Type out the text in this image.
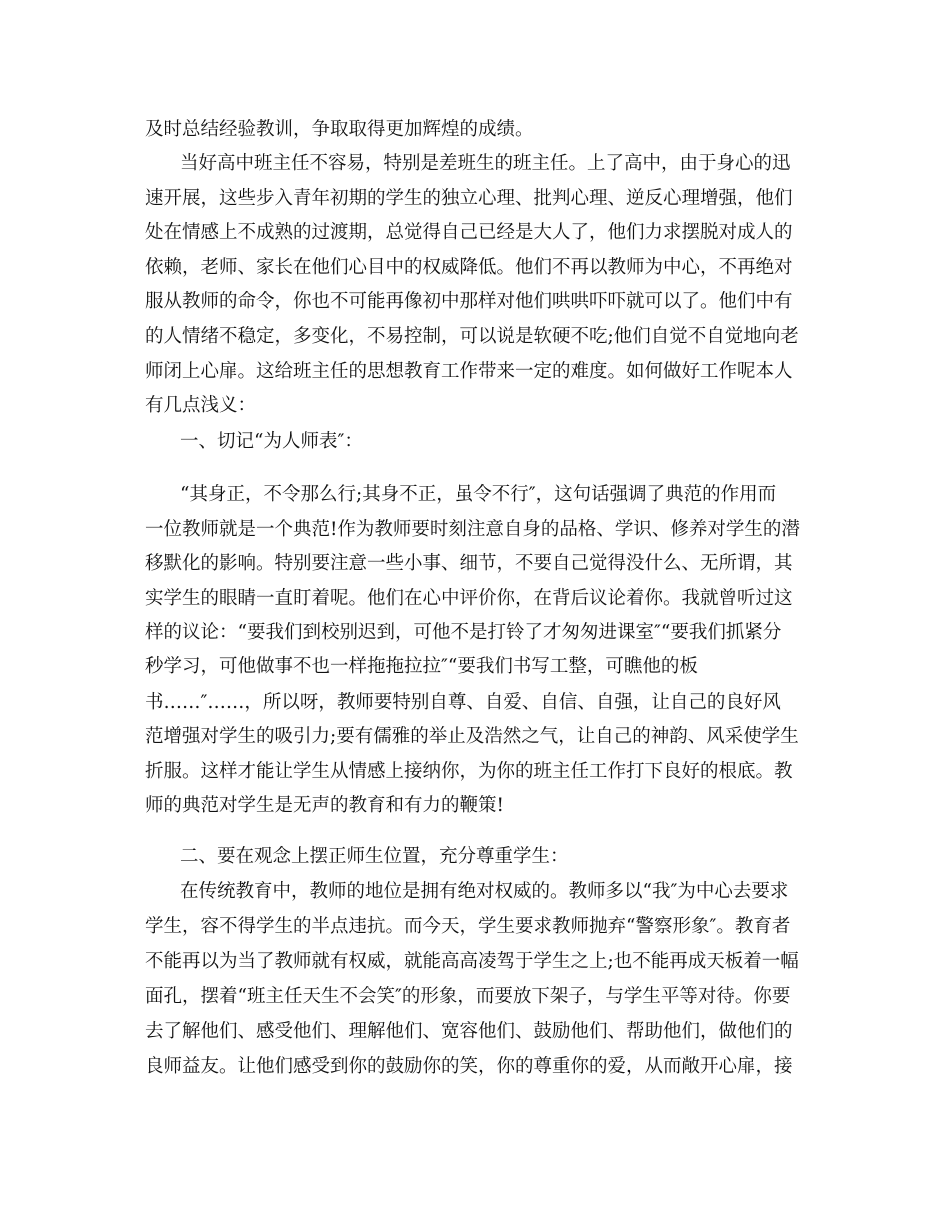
及时总结经验教训，争取取得更加辉煌的成绩。
当好高中班主任不容易，特别是差班生的班主任。上了高中，由于身心的迅
速开展，这些步入青年初期的学生的独立心理、批判心理、逆反心理增强，他们
处在情感上不成熟的过渡期，总觉得自己已经是大人了，他们力求摆脱对成人的
依赖，老师、家长在他们心目中的权威降低。他们不再以教师为中心，不再绝对
服从教师的命令，你也不可能再像初中那样对他们哄哄吓吓就可以了。他们中有
的人情绪不稳定，多变化，不易控制，可以说是软硬不吃;他们自觉不自觉地向老
师闭上心扉。这给班主任的思想教育工作带来一定的难度。如何做好工作呢本人
有几点浅义：
一、切记“为人师表″：
“其身正，不令那么行;其身不正，虽令不行″，这句话强调了典范的作用而
一位教师就是一个典范!作为教师要时刻注意自身的品格、学识、修养对学生的潜
移默化的影响。特别要注意一些小事、细节，不要自己觉得没什么、无所谓，其
实学生的眼睛一直盯着呢。他们在心中评价你，在背后议论着你。我就曾听过这
样的议论：“要我们到校别迟到，可他不是打铃了才匆匆进课室″“要我们抓紧分
秒学习，可他做事不也一样拖拖拉拉″“要我们书写工整，可瞧他的板
书……″……，所以呀，教师要特别自尊、自爱、自信、自强，让自己的良好风
范增强对学生的吸引力;要有儒雅的举止及浩然之气，让自己的神韵、风采使学生
折服。这样才能让学生从情感上接纳你，为你的班主任工作打下良好的根底。教
师的典范对学生是无声的教育和有力的鞭策!
二、要在观念上摆正师生位置，充分尊重学生：
在传统教育中，教师的地位是拥有绝对权威的。教师多以“我″为中心去要求
学生，容不得学生的半点违抗。而今天，学生要求教师抛弃“警察形象″。教育者
不能再以为当了教师就有权威，就能高高凌驾于学生之上;也不能再成天板着一幅
面孔，摆着“班主任天生不会笑″的形象，而要放下架子，与学生平等对待。你要
去了解他们、感受他们、理解他们、宽容他们、鼓励他们、帮助他们，做他们的
良师益友。让他们感受到你的鼓励你的笑，你的尊重你的爱，从而敞开心扉，接
